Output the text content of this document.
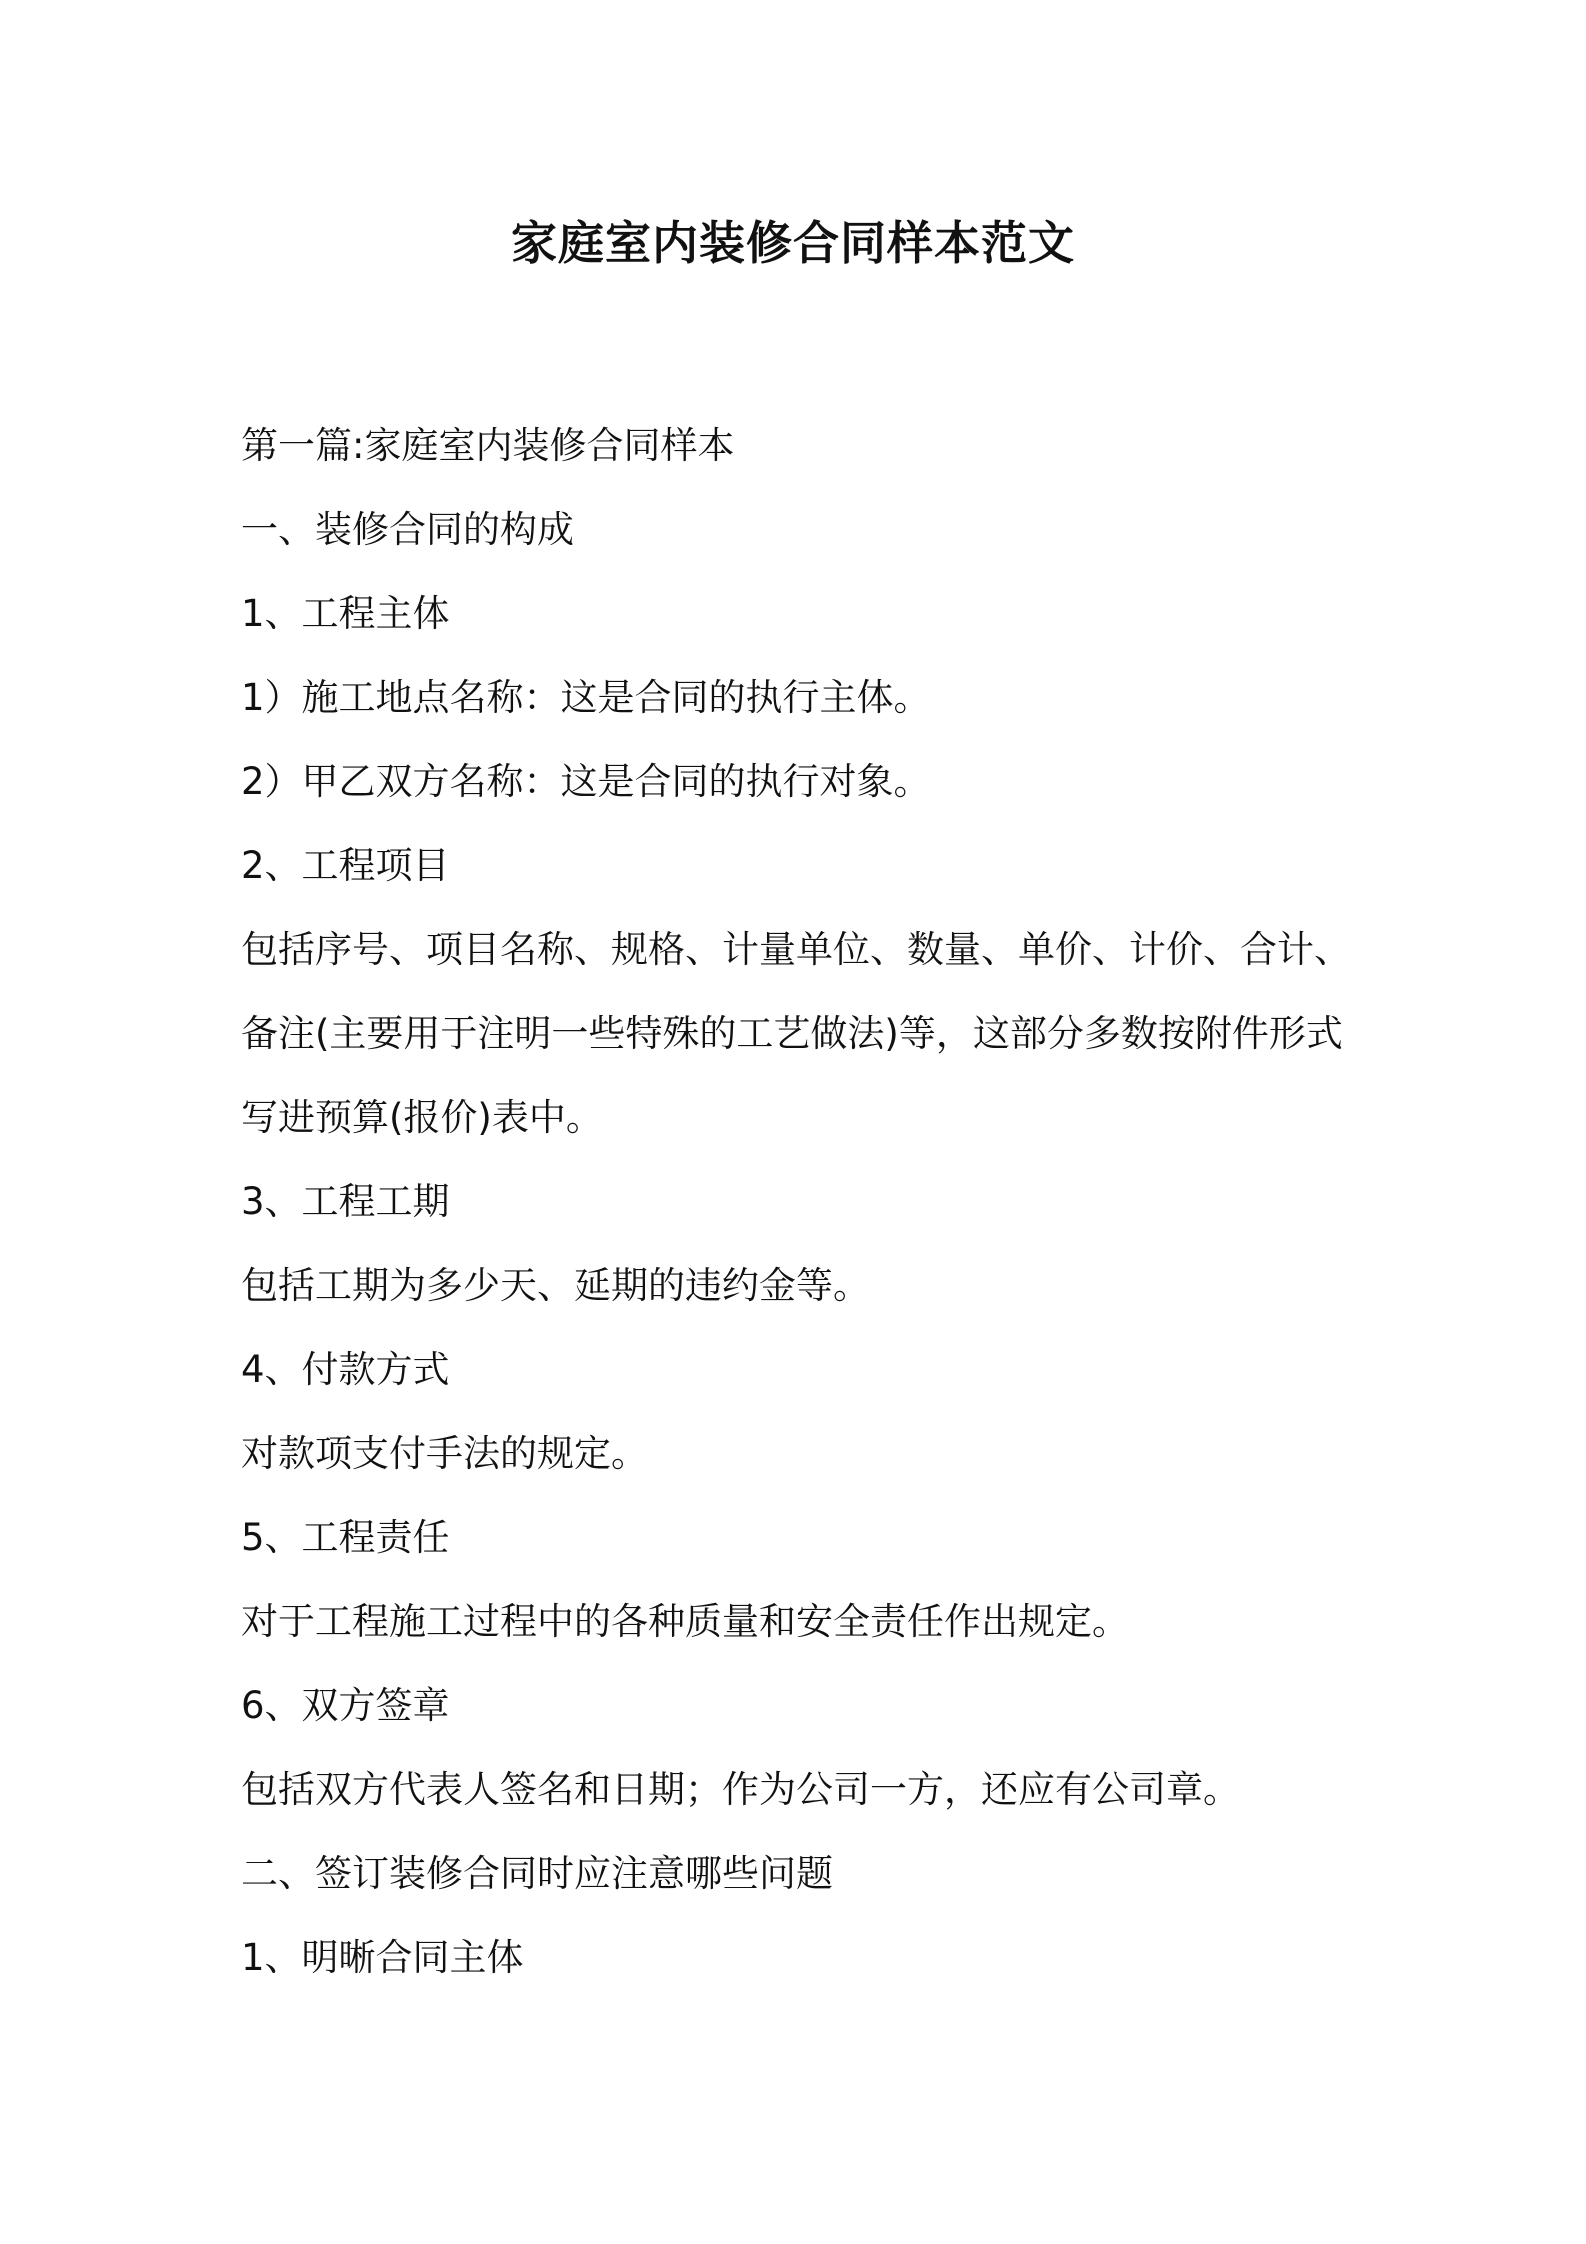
家庭室内装修合同样本范文

第一篇:家庭室内装修合同样本

一、装修合同的构成

1、工程主体

1）施工地点名称：这是合同的执行主体。

2）甲乙双方名称：这是合同的执行对象。

2、工程项目

包括序号、项目名称、规格、计量单位、数量、单价、计价、合计、

备注(主要用于注明一些特殊的工艺做法)等，这部分多数按附件形式

写进预算(报价)表中。

3、工程工期

包括工期为多少天、延期的违约金等。

4、付款方式

对款项支付手法的规定。

5、工程责任

对于工程施工过程中的各种质量和安全责任作出规定。

6、双方签章

包括双方代表人签名和日期；作为公司一方，还应有公司章。

二、签订装修合同时应注意哪些问题

1、明晰合同主体
